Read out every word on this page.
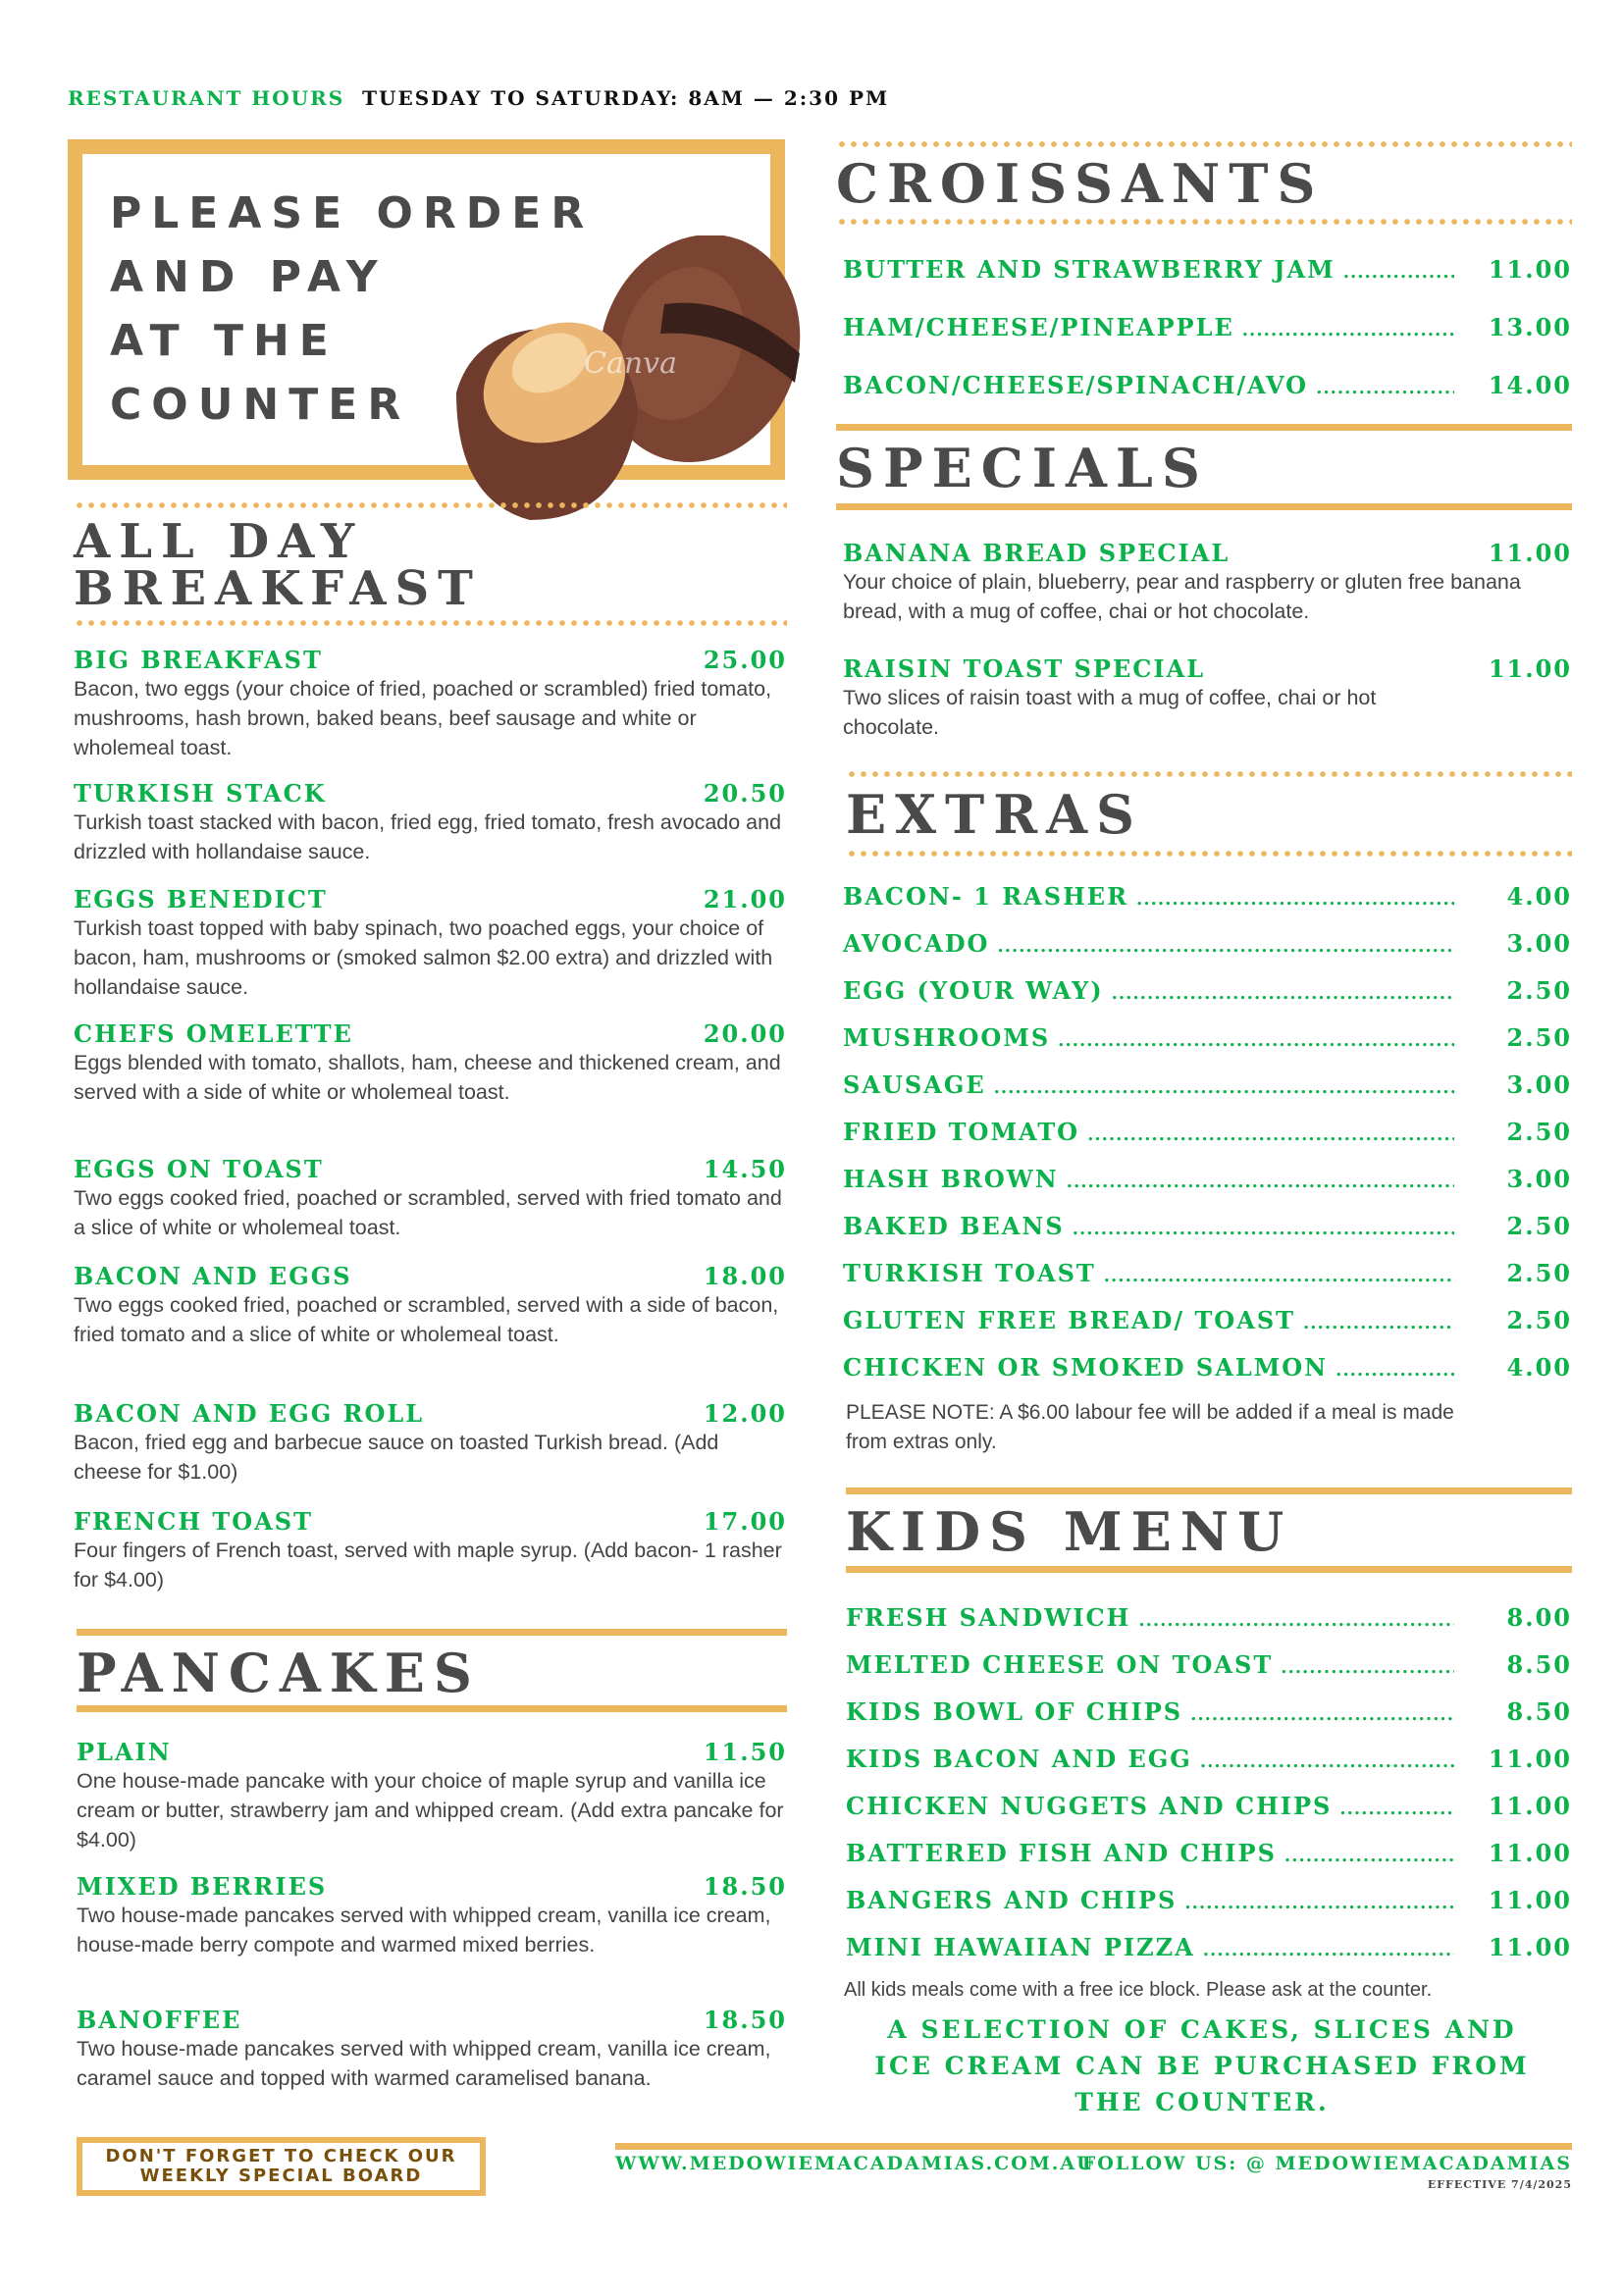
RESTAURANT HOURS TUESDAY TO SATURDAY: 8AM — 2:30 PM
PLEASE ORDER
AND PAY
AT THE
COUNTER
Canva
ALL DAY
BREAKFAST
BIG BREAKFAST	25.00
Bacon, two eggs (your choice of fried, poached or scrambled) fried tomato, mushrooms, hash brown, baked beans, beef sausage and white or wholemeal toast.
TURKISH STACK	20.50
Turkish toast stacked with bacon, fried egg, fried tomato, fresh avocado and drizzled with hollandaise sauce.
EGGS BENEDICT	21.00
Turkish toast topped with baby spinach, two poached eggs, your choice of bacon, ham, mushrooms or (smoked salmon $2.00 extra) and drizzled with hollandaise sauce.
CHEFS OMELETTE	20.00
Eggs blended with tomato, shallots, ham, cheese and thickened cream, and served with a side of white or wholemeal toast.
EGGS ON TOAST	14.50
Two eggs cooked fried, poached or scrambled, served with fried tomato and a slice of white or wholemeal toast.
BACON AND EGGS	18.00
Two eggs cooked fried, poached or scrambled, served with a side of bacon, fried tomato and a slice of white or wholemeal toast.
BACON AND EGG ROLL	12.00
Bacon, fried egg and barbecue sauce on toasted Turkish bread. (Add cheese for $1.00)
FRENCH TOAST	17.00
Four fingers of French toast, served with maple syrup. (Add bacon- 1 rasher for $4.00)
PANCAKES
PLAIN	11.50
One house-made pancake with your choice of maple syrup and vanilla ice cream or butter, strawberry jam and whipped cream. (Add extra pancake for $4.00)
MIXED BERRIES	18.50
Two house-made pancakes served with whipped cream, vanilla ice cream, house-made berry compote and warmed mixed berries.
BANOFFEE	18.50
Two house-made pancakes served with whipped cream, vanilla ice cream, caramel sauce and topped with warmed caramelised banana.
DON'T FORGET TO CHECK OUR
WEEKLY SPECIAL BOARD
CROISSANTS
BUTTER AND STRAWBERRY JAM .....	11.00
HAM/CHEESE/PINEAPPLE .....	13.00
BACON/CHEESE/SPINACH/AVO .....	14.00
SPECIALS
BANANA BREAD SPECIAL	11.00
Your choice of plain, blueberry, pear and raspberry or gluten free banana bread, with a mug of coffee, chai or hot chocolate.
RAISIN TOAST SPECIAL	11.00
Two slices of raisin toast with a mug of coffee, chai or hot chocolate.
EXTRAS
BACON- 1 RASHER .....	4.00
AVOCADO .....	3.00
EGG (YOUR WAY) .....	2.50
MUSHROOMS .....	2.50
SAUSAGE .....	3.00
FRIED TOMATO .....	2.50
HASH BROWN .....	3.00
BAKED BEANS .....	2.50
TURKISH TOAST .....	2.50
GLUTEN FREE BREAD/ TOAST .....	2.50
CHICKEN OR SMOKED SALMON .....	4.00
PLEASE NOTE: A $6.00 labour fee will be added if a meal is made from extras only.
KIDS MENU
FRESH SANDWICH .....	8.00
MELTED CHEESE ON TOAST .....	8.50
KIDS BOWL OF CHIPS .....	8.50
KIDS BACON AND EGG .....	11.00
CHICKEN NUGGETS AND CHIPS .....	11.00
BATTERED FISH AND CHIPS .....	11.00
BANGERS AND CHIPS .....	11.00
MINI HAWAIIAN PIZZA .....	11.00
All kids meals come with a free ice block. Please ask at the counter.
A SELECTION OF CAKES, SLICES AND ICE CREAM CAN BE PURCHASED FROM THE COUNTER.
WWW.MEDOWIEMACADAMIAS.COM.AU
FOLLOW US: @ MEDOWIEMACADAMIAS
EFFECTIVE 7/4/2025
